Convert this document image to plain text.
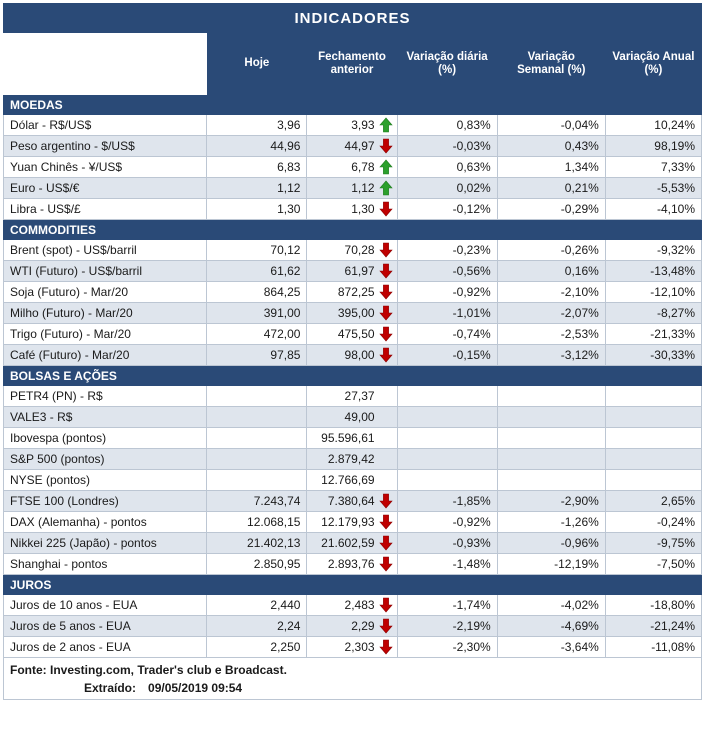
INDICADORES
	Hoje	Fechamento anterior	Variação diária (%)	Variação Semanal (%)	Variação Anual (%)
MOEDAS					
Dólar - R$/US$	3,96	3,93	0,83%	-0,04%	10,24%
Peso argentino - $/US$	44,96	44,97	-0,03%	0,43%	98,19%
Yuan Chinês - ¥/US$	6,83	6,78	0,63%	1,34%	7,33%
Euro - US$/€	1,12	1,12	0,02%	0,21%	-5,53%
Libra - US$/£	1,30	1,30	-0,12%	-0,29%	-4,10%
COMMODITIES					
Brent (spot) - US$/barril	70,12	70,28	-0,23%	-0,26%	-9,32%
WTI (Futuro) - US$/barril	61,62	61,97	-0,56%	0,16%	-13,48%
Soja (Futuro) - Mar/20	864,25	872,25	-0,92%	-2,10%	-12,10%
Milho (Futuro) - Mar/20	391,00	395,00	-1,01%	-2,07%	-8,27%
Trigo (Futuro) - Mar/20	472,00	475,50	-0,74%	-2,53%	-21,33%
Café (Futuro) - Mar/20	97,85	98,00	-0,15%	-3,12%	-30,33%
BOLSAS E AÇÕES					
PETR4 (PN) - R$		27,37			
VALE3 - R$		49,00			
Ibovespa (pontos)		95.596,61			
S&P 500 (pontos)		2.879,42			
NYSE (pontos)		12.766,69			
FTSE 100 (Londres)	7.243,74	7.380,64	-1,85%	-2,90%	2,65%
DAX (Alemanha) - pontos	12.068,15	12.179,93	-0,92%	-1,26%	-0,24%
Nikkei 225 (Japão) - pontos	21.402,13	21.602,59	-0,93%	-0,96%	-9,75%
Shanghai - pontos	2.850,95	2.893,76	-1,48%	-12,19%	-7,50%
JUROS					
Juros de 10 anos - EUA	2,440	2,483	-1,74%	-4,02%	-18,80%
Juros de 5 anos - EUA	2,24	2,29	-2,19%	-4,69%	-21,24%
Juros de 2 anos - EUA	2,250	2,303	-2,30%	-3,64%	-11,08%
Fonte: Investing.com, Trader's club e Broadcast.
Extraído: 09/05/2019 09:54
